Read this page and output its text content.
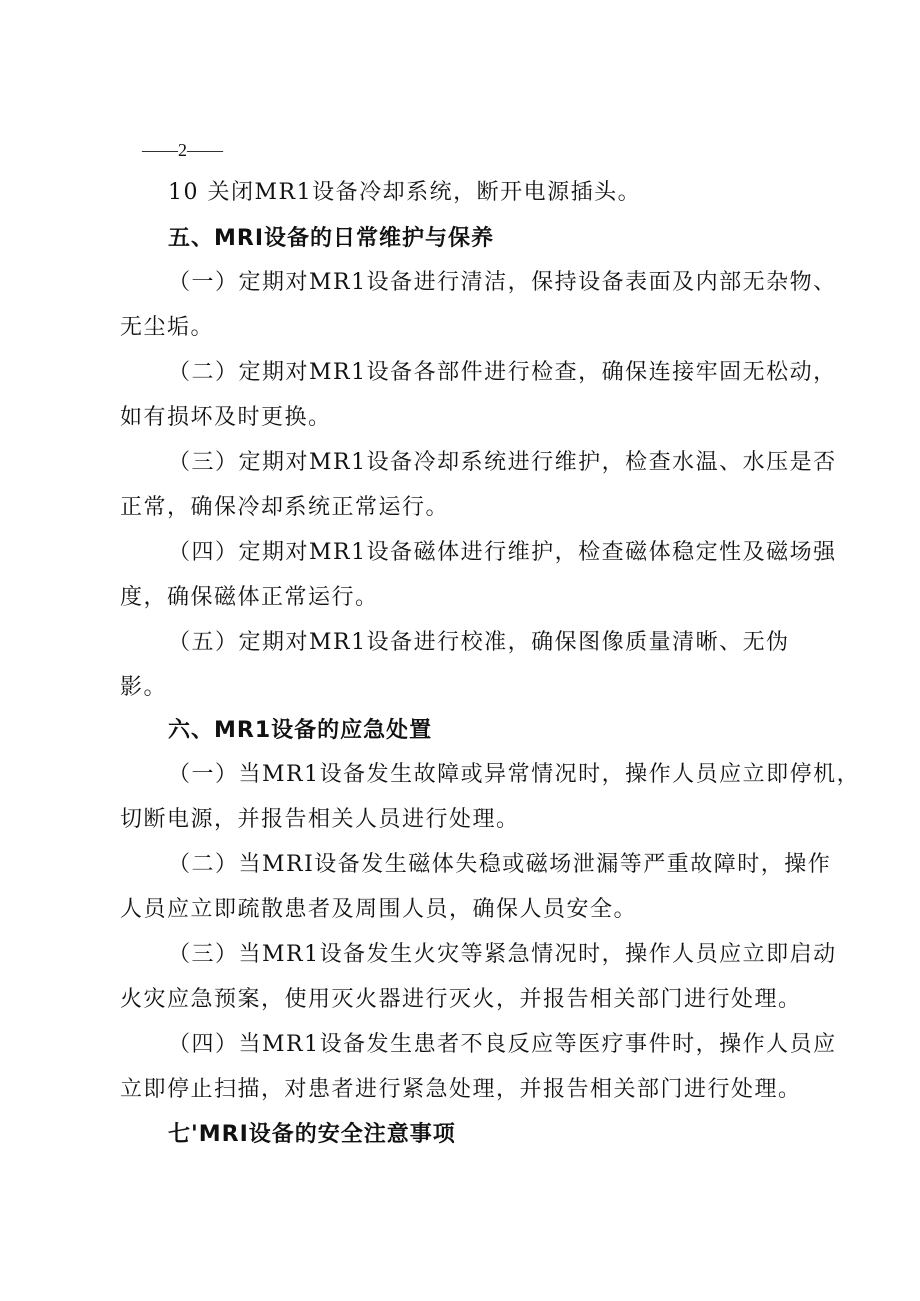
——2——
10 关闭MR1设备冷却系统，断开电源插头。
五、MRI设备的日常维护与保养
（一）定期对MR1设备进行清洁，保持设备表面及内部无杂物、
无尘垢。
（二）定期对MR1设备各部件进行检查，确保连接牢固无松动，
如有损坏及时更换。
（三）定期对MR1设备冷却系统进行维护，检查水温、水压是否
正常，确保冷却系统正常运行。
（四）定期对MR1设备磁体进行维护，检查磁体稳定性及磁场强
度，确保磁体正常运行。
（五）定期对MR1设备进行校准，确保图像质量清晰、无伪
影。
六、MR1设备的应急处置
（一）当MR1设备发生故障或异常情况时，操作人员应立即停机，
切断电源，并报告相关人员进行处理。
（二）当MRI设备发生磁体失稳或磁场泄漏等严重故障时，操作
人员应立即疏散患者及周围人员，确保人员安全。
（三）当MR1设备发生火灾等紧急情况时，操作人员应立即启动
火灾应急预案，使用灭火器进行灭火，并报告相关部门进行处理。
（四）当MR1设备发生患者不良反应等医疗事件时，操作人员应
立即停止扫描，对患者进行紧急处理，并报告相关部门进行处理。
七'MRI设备的安全注意事项
